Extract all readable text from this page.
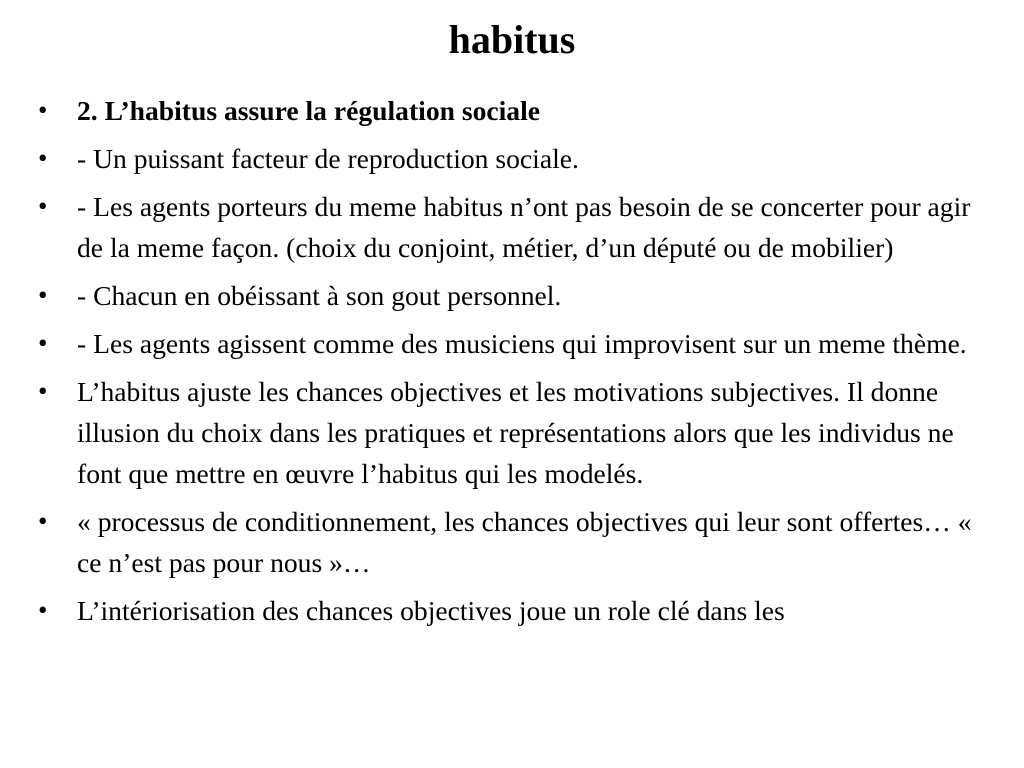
habitus
• 2. L’habitus assure la régulation sociale
• - Un puissant facteur de reproduction sociale.
• - Les agents porteurs du meme habitus n’ont pas besoin de se concerter pour agir de la meme façon. (choix du conjoint, métier, d’un député ou de mobilier)
• - Chacun en obéissant à son gout personnel.
• - Les agents agissent comme des musiciens qui improvisent sur un meme thème.
• L’habitus ajuste les chances objectives et les motivations subjectives. Il donne illusion du choix dans les pratiques et représentations alors que les individus ne font que mettre en œuvre l’habitus qui les modelés.
• « processus de conditionnement, les chances objectives qui leur sont offertes… « ce n’est pas pour nous »…
• L’intériorisation des chances objectives joue un role clé dans les
